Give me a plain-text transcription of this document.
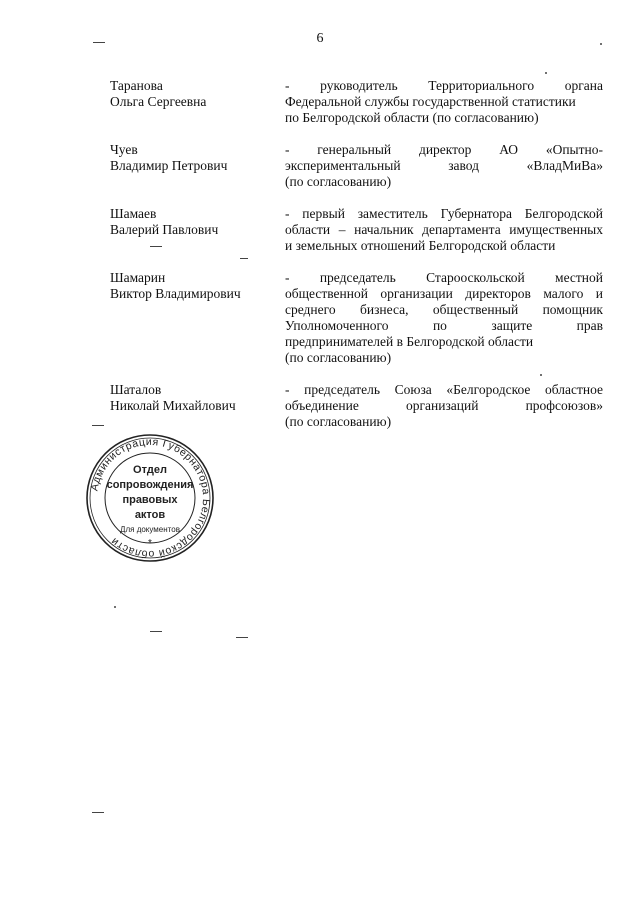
6
Таранова
Ольга Сергеевна
- руководитель Территориального органа
Федеральной службы государственной статистики
по Белгородской области (по согласованию)
Чуев
Владимир Петрович
- генеральный директор АО «Опытно-
экспериментальный завод «ВладМиВа»
(по согласованию)
Шамаев
Валерий Павлович
- первый заместитель Губернатора Белгородской
области – начальник департамента имущественных
и земельных отношений Белгородской области
Шамарин
Виктор Владимирович
- председатель Старооскольской местной
общественной организации директоров малого и
среднего бизнеса, общественный помощник
Уполномоченного по защите прав
предпринимателей в Белгородской области
(по согласованию)
Шаталов
Николай Михайлович
- председатель Союза «Белгородское областное
объединение организаций профсоюзов»
(по согласованию)
Администрация Губернатора Белгородской области
Отдел
сопровождения
правовых
актов
Для документов
*
